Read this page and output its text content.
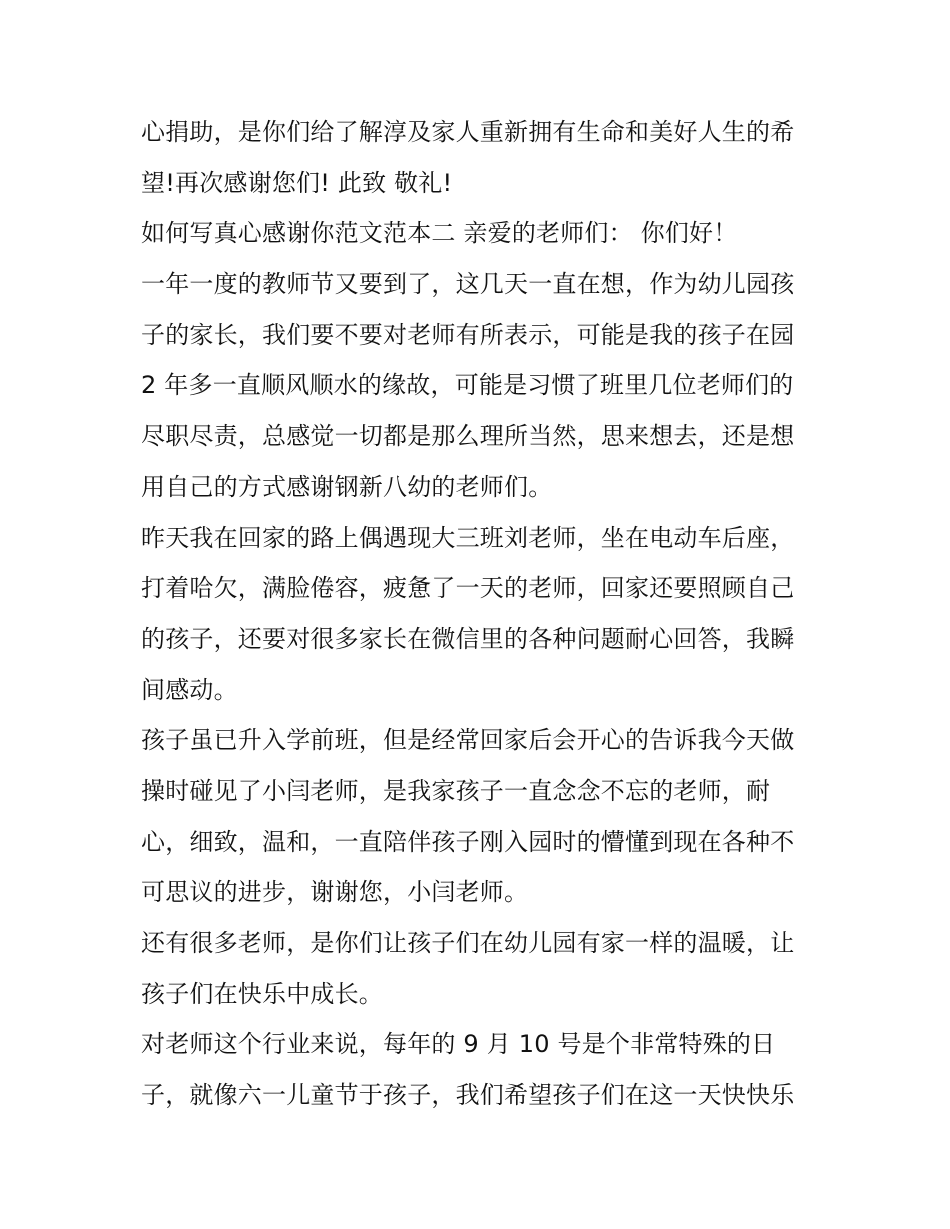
心捐助，是你们给了解淳及家人重新拥有生命和美好人生的希
望!再次感谢您们! 此致 敬礼!
如何写真心感谢你范文范本二 亲爱的老师们： 你们好！
一年一度的教师节又要到了，这几天一直在想，作为幼儿园孩
子的家长，我们要不要对老师有所表示，可能是我的孩子在园
2 年多一直顺风顺水的缘故，可能是习惯了班里几位老师们的
尽职尽责，总感觉一切都是那么理所当然，思来想去，还是想
用自己的方式感谢钢新八幼的老师们。
昨天我在回家的路上偶遇现大三班刘老师，坐在电动车后座，
打着哈欠，满脸倦容，疲惫了一天的老师，回家还要照顾自己
的孩子，还要对很多家长在微信里的各种问题耐心回答，我瞬
间感动。
孩子虽已升入学前班，但是经常回家后会开心的告诉我今天做
操时碰见了小闫老师，是我家孩子一直念念不忘的老师，耐
心，细致，温和，一直陪伴孩子刚入园时的懵懂到现在各种不
可思议的进步，谢谢您，小闫老师。
还有很多老师，是你们让孩子们在幼儿园有家一样的温暖，让
孩子们在快乐中成长。
对老师这个行业来说，每年的 9 月 10 号是个非常特殊的日
子，就像六一儿童节于孩子，我们希望孩子们在这一天快快乐
